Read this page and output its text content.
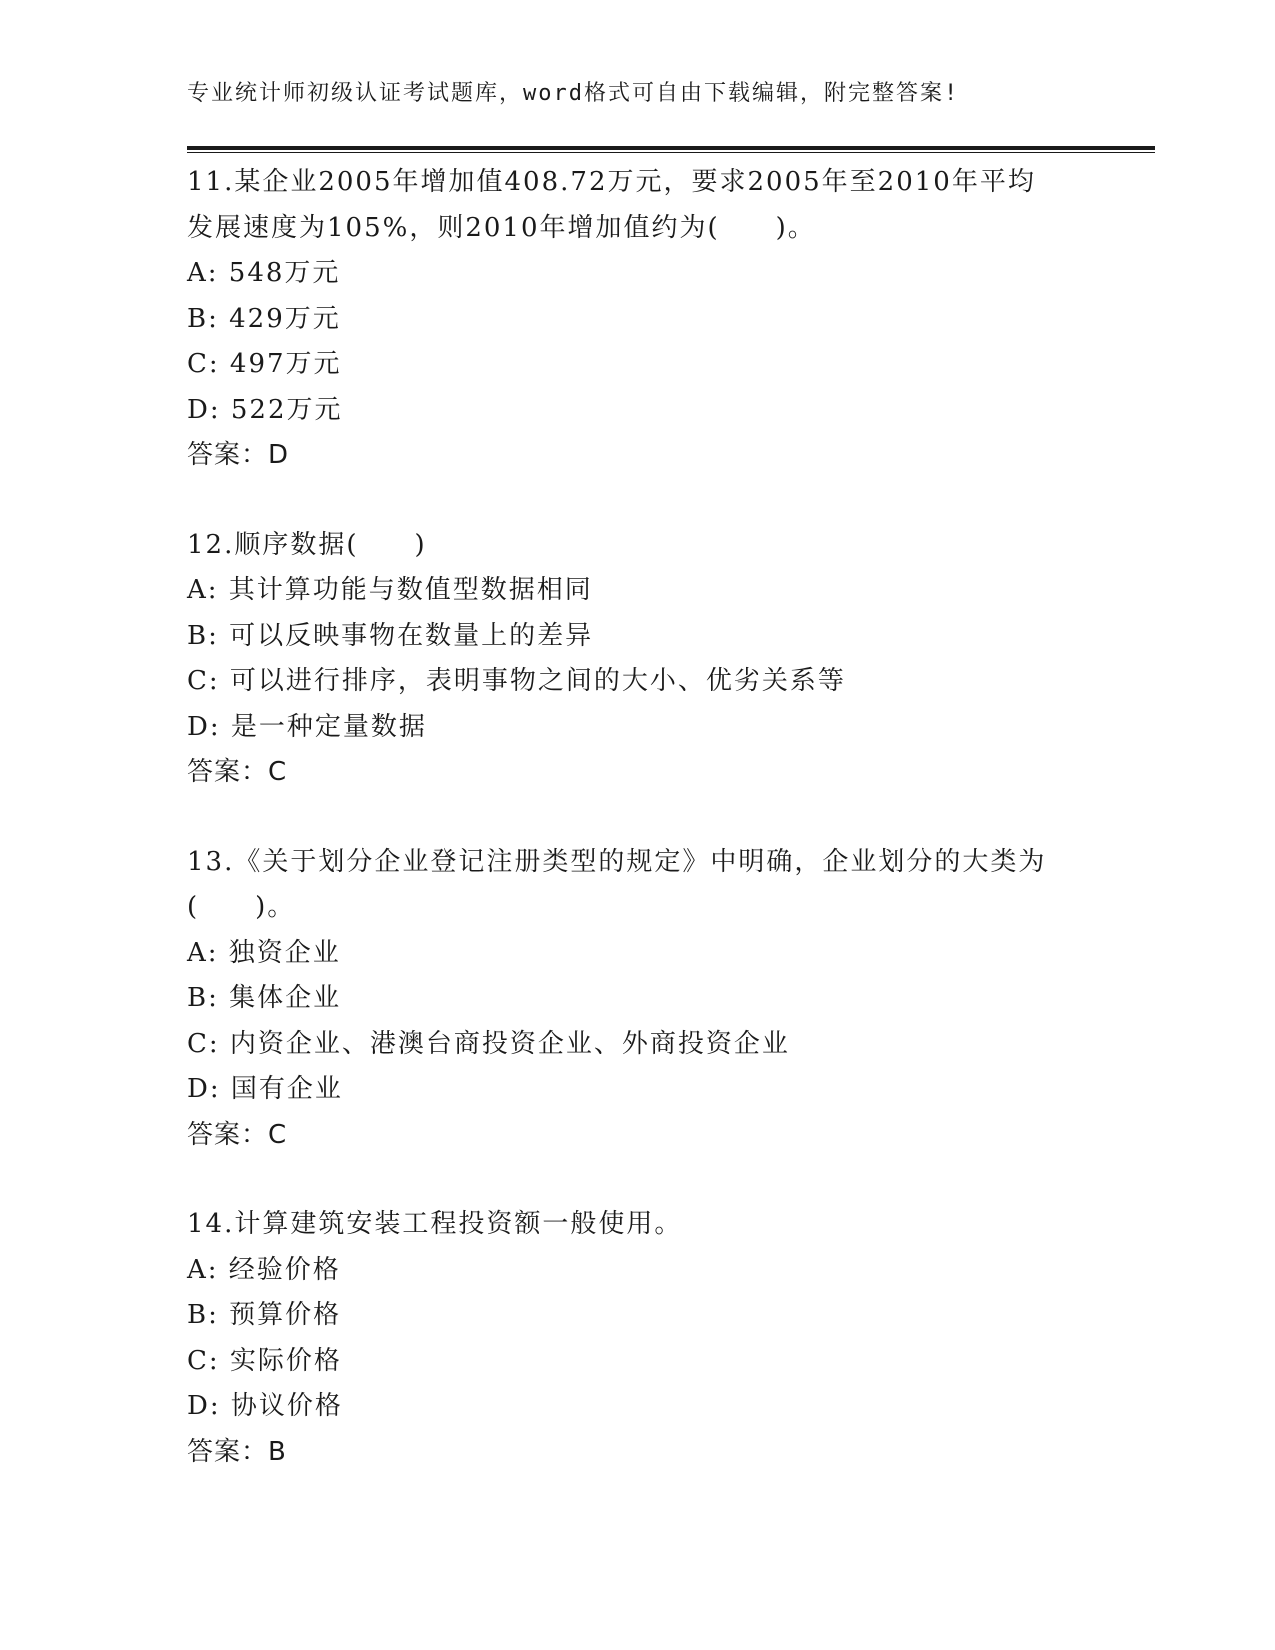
专业统计师初级认证考试题库，word格式可自由下载编辑，附完整答案!
11.某企业2005年增加值408.72万元，要求2005年至2010年平均
发展速度为105%，则2010年增加值约为(　　)。
A: 548万元
B: 429万元
C: 497万元
D: 522万元
答案：D
12.顺序数据(　　)
A: 其计算功能与数值型数据相同
B: 可以反映事物在数量上的差异
C: 可以进行排序，表明事物之间的大小、优劣关系等
D: 是一种定量数据
答案：C
13.《关于划分企业登记注册类型的规定》中明确，企业划分的大类为
(　　)。
A: 独资企业
B: 集体企业
C: 内资企业、港澳台商投资企业、外商投资企业
D: 国有企业
答案：C
14.计算建筑安装工程投资额一般使用。
A: 经验价格
B: 预算价格
C: 实际价格
D: 协议价格
答案：B
